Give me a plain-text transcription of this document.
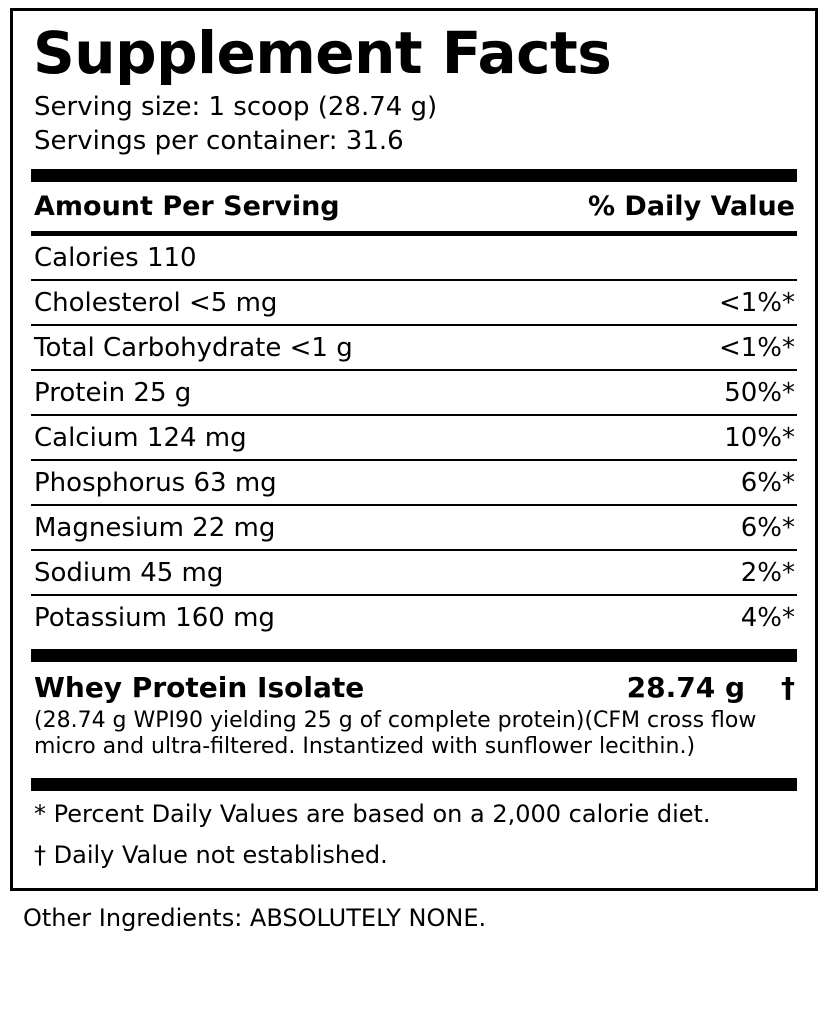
Supplement Facts
Serving size: 1 scoop (28.74 g)
Servings per container: 31.6
Amount Per Serving	% Daily Value
Calories 110
Cholesterol <5 mg	<1%*
Total Carbohydrate <1 g	<1%*
Protein 25 g	50%*
Calcium 124 mg	10%*
Phosphorus 63 mg	6%*
Magnesium 22 mg	6%*
Sodium 45 mg	2%*
Potassium 160 mg	4%*
Whey Protein Isolate	28.74 g †
(28.74 g WPI90 yielding 25 g of complete protein)(CFM cross flow micro and ultra-filtered. Instantized with sunflower lecithin.)
* Percent Daily Values are based on a 2,000 calorie diet.
† Daily Value not established.
Other Ingredients: ABSOLUTELY NONE.
